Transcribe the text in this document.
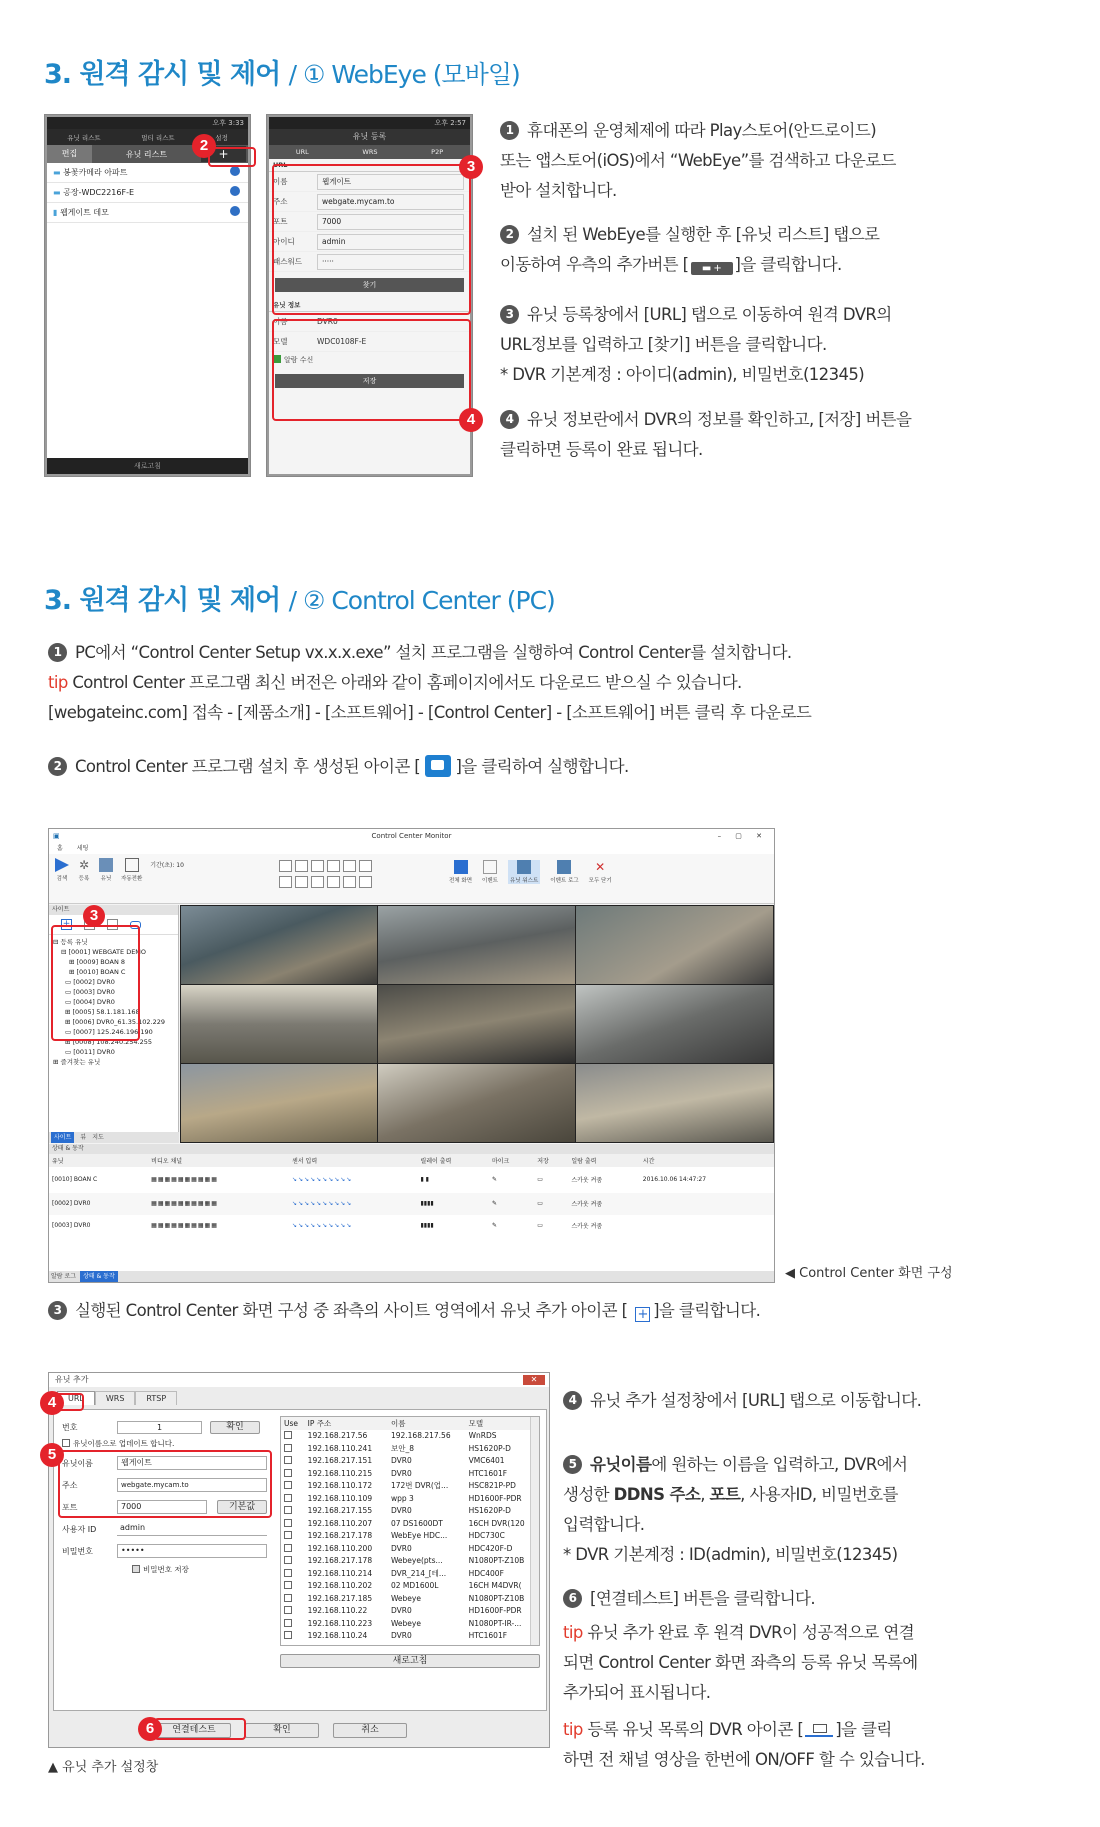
3. 원격 감시 및 제어 / ① WebEye (모바일)
오후 3:33
유닛 리스트	멀티 리스트	설정
편집	유닛 리스트	+
▬ 봉꽃카메라 아파트
▬ 공장-WDC2216F-E
▮ 웹게이트 데모
새로고침
2
오후 2:57
유닛 등록
URL	WRS	P2P
URL
이름	웹게이트
주소	webgate.mycam.to
포트	7000
아이디	admin
패스워드	·····
찾기
유닛 정보
이름	DVR0
모델	WDC0108F-E
알람 수신
저장
3
4
1 휴대폰의 운영체제에 따라 Play스토어(안드로이드)
또는 앱스토어(iOS)에서 “WebEye”를 검색하고 다운로드
받아 설치합니다.
2 설치 된 WebEye를 실행한 후 [유닛 리스트] 탭으로
이동하여 우측의 추가버튼 [ ▬ + ]을 클릭합니다.
3 유닛 등록창에서 [URL] 탭으로 이동하여 원격 DVR의
URL정보를 입력하고 [찾기] 버튼을 클릭합니다.
* DVR 기본계정 : 아이디(admin), 비밀번호(12345)
4 유닛 정보란에서 DVR의 정보를 확인하고, [저장] 버튼을
클릭하면 등록이 완료 됩니다.
3. 원격 감시 및 제어 / ② Control Center (PC)
1 PC에서 “Control Center Setup vx.x.x.exe” 설치 프로그램을 실행하여 Control Center를 설치합니다.
tip Control Center 프로그램 최신 버전은 아래와 같이 홈페이지에서도 다운로드 받으실 수 있습니다.
[webgateinc.com] 접속 - [제품소개] - [소프트웨어] - [Control Center] - [소프트웨어] 버튼 클릭 후 다운로드
2 Control Center 프로그램 설치 후 생성된 아이콘 [ ]을 클릭하여 실행합니다.
▣	Control Center Monitor	– ▢ ✕
홈 세팅
검색
✲
등록	유닛	자동전환
기간(초): 10
전체 화면 이벤트	유닛 워스트	이벤트 로그
✕
모두 닫기
사이트
+
⊟ 등록 유닛
⊟ [0001] WEBGATE DEMO
⊞ [0009] BOAN 8
⊞ [0010] BOAN C
▭ [0002] DVR0
▭ [0003] DVR0
▭ [0004] DVR0
⊞ [0005] 58.1.181.168
⊞ [0006] DVR0_61.35.102.229
▭ [0007] 125.246.196.190
⊞ [0008] 108.240.254.255
▭ [0011] DVR0
⊞ 즐겨찾는 유닛
사이트	뷰 지도
3
상태 & 동작
유닛	비디오 채널	센서 입력	릴레이 출력	마이크	저장	일람 출력	시간
[0010] BOAN C	▦▦▦▦▦▦▦▦▦▦	↘↘↘↘↘↘↘↘↘↘	▮ ▮	✎	▭	스카웃 켜줌	2016.10.06 14:47:27
[0002] DVR0	▦▦▦▦▦▦▦▦▦▦	↘↘↘↘↘↘↘↘↘↘	▮▮▮▮	✎	▭	스카웃 켜줌	
[0003] DVR0	▦▦▦▦▦▦▦▦▦▦	↘↘↘↘↘↘↘↘↘↘	▮▮▮▮	✎	▭	스카웃 켜줌	
알람 로그	상태 & 동작	◀ Control Center 화면 구성
3 실행된 Control Center 화면 구성 중 좌측의 사이트 영역에서 유닛 추가 아이콘 [ + ]을 클릭합니다.
유닛 추가	✕
URL	WRS	RTSP
번호	1	확인
유닛이름으로 업데이트 합니다.
유닛이름	웹게이트
주소	webgate.mycam.to
포트	7000	기본값
사용자 ID	admin
비밀번호	•••••
비밀번호 저장
Use	IP 주소	이름	모델
	192.168.217.56	192.168.217.56	WnRDS
	192.168.110.241	보안_8	HS1620P-D
	192.168.217.151	DVR0	VMC6401
	192.168.110.215	DVR0	HTC1601F
	192.168.110.172	172번 DVR(업...	HSC821P-PD
	192.168.110.109	wpp 3	HD1600F-PDR
	192.168.217.155	DVR0	HS1620P-D
	192.168.110.207	07 DS1600DT	16CH DVR(120
	192.168.217.178	WebEye HDC...	HDC730C
	192.168.110.200	DVR0	HDC420F-D
	192.168.217.178	Webeye(pts...	N1080PT-Z10B
	192.168.110.214	DVR_214_[테...	HDC400F
	192.168.110.202	02 MD1600L	16CH M4DVR(
	192.168.217.185	Webeye	N1080PT-Z10B
	192.168.110.22	DVR0	HD1600F-PDR
	192.168.110.223	Webeye	N1080PT-IR-...
	192.168.110.24	DVR0	HTC1601F
새로고침
연결테스트	확인	취소
4
5
6
▲ 유닛 추가 설정창
4 유닛 추가 설정창에서 [URL] 탭으로 이동합니다.
5 유닛이름에 원하는 이름을 입력하고, DVR에서
생성한 DDNS 주소, 포트, 사용자ID, 비밀번호를
입력합니다.
* DVR 기본계정 : ID(admin), 비밀번호(12345)
6 [연결테스트] 버튼을 클릭합니다.
tip 유닛 추가 완료 후 원격 DVR이 성공적으로 연결
되면 Control Center 화면 좌측의 등록 유닛 목록에
추가되어 표시됩니다.
tip 등록 유닛 목록의 DVR 아이콘 [ ]을 클릭
하면 전 채널 영상을 한번에 ON/OFF 할 수 있습니다.
